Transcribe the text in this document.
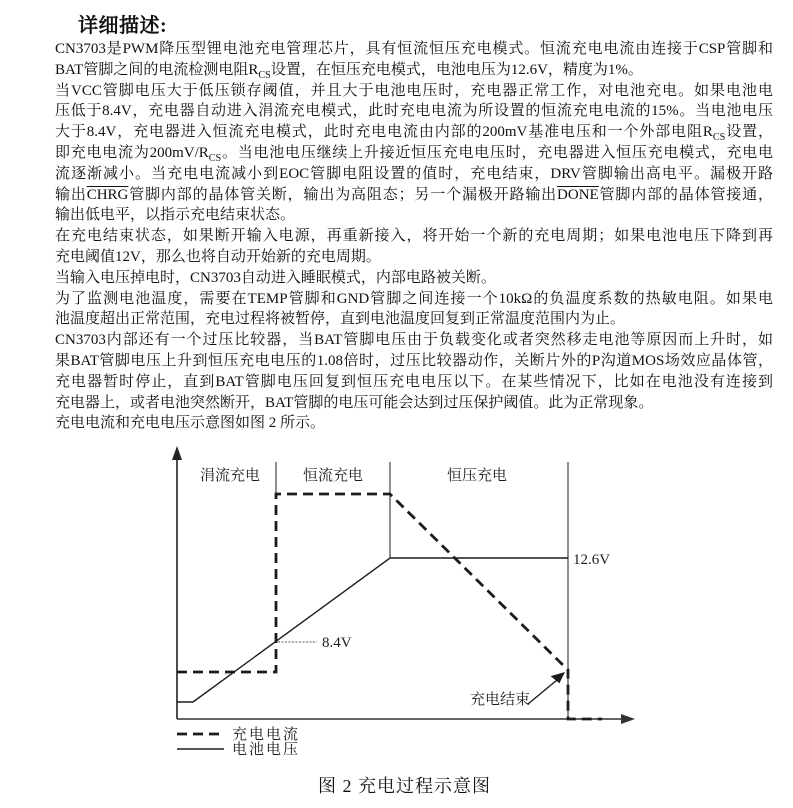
详细描述:
CN3703是PWM降压型锂电池充电管理芯片，具有恒流恒压充电模式。恒流充电电流由连接于CSP管脚和
BAT管脚之间的电流检测电阻$R_{CS}$设置，在恒压充电模式，电池电压为12.6V，精度为1%。
当VCC管脚电压大于低压锁存阈值，并且大于电池电压时，充电器正常工作，对电池充电。如果电池电
压低于8.4V，充电器自动进入涓流充电模式，此时充电电流为所设置的恒流充电电流的15%。当电池电压
大于8.4V，充电器进入恒流充电模式，此时充电电流由内部的200mV基准电压和一个外部电阻$R_{CS}$设置，
即充电电流为$200mV/R_{CS}$。当电池电压继续上升接近恒压充电电压时，充电器进入恒压充电模式，充电电
流逐渐减小。当充电电流减小到EOC管脚电阻设置的值时，充电结束，DRV管脚输出高电平。漏极开路
输出CHRG管脚内部的晶体管关断，输出为高阻态；另一个漏极开路输出DONE管脚内部的晶体管接通，
输出低电平，以指示充电结束状态。
在充电结束状态，如果断开输入电源，再重新接入，将开始一个新的充电周期；如果电池电压下降到再
充电阈值12V，那么也将自动开始新的充电周期。
当输入电压掉电时，CN3703自动进入睡眠模式，内部电路被关断。
为了监测电池温度，需要在TEMP管脚和GND管脚之间连接一个10kΩ的负温度系数的热敏电阻。如果电
池温度超出正常范围，充电过程将被暂停，直到电池温度回复到正常温度范围内为止。
CN3703内部还有一个过压比较器，当BAT管脚电压由于负载变化或者突然移走电池等原因而上升时，如
果BAT管脚电压上升到恒压充电电压的1.08倍时，过压比较器动作，关断片外的P沟道MOS场效应晶体管，
充电器暂时停止，直到BAT管脚电压回复到恒压充电电压以下。在某些情况下，比如在电池没有连接到
充电器上，或者电池突然断开，BAT管脚的电压可能会达到过压保护阈值。此为正常现象。
充电电流和充电电压示意图如图 2 所示。
涓流充电	恒流充电	恒压充电
12.6V
8.4V
充电结束
充电电流
电池电压
图 2 充电过程示意图
